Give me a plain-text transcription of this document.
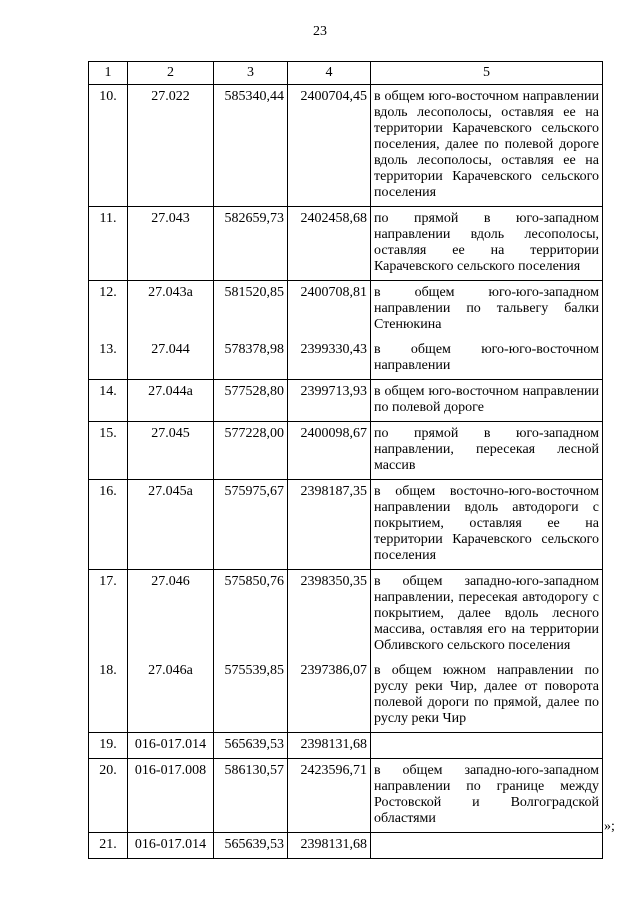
23
1	2	3	4	5
10.	27.022	585340,44	2400704,45	в общем юго-восточном направлении вдоль лесополосы, оставляя ее на территории Карачевского сельского поселения, далее по полевой дороге вдоль лесополосы, оставляя ее на территории Карачевского сельского поселения
11.	27.043	582659,73	2402458,68	по прямой в юго-западном направлении вдоль лесополосы, оставляя ее на территории Карачевского сельского поселения
12.	27.043а	581520,85	2400708,81	в общем юго-юго-западном направлении по тальвегу балки Стенюкина
13.	27.044	578378,98	2399330,43	в общем юго-юго-восточном направлении
14.	27.044а	577528,80	2399713,93	в общем юго-восточном направлении по полевой дороге
15.	27.045	577228,00	2400098,67	по прямой в юго-западном направлении, пересекая лесной массив
16.	27.045а	575975,67	2398187,35	в общем восточно-юго-восточном направлении вдоль автодороги с покрытием, оставляя ее на территории Карачевского сельского поселения
17.	27.046	575850,76	2398350,35	в общем западно-юго-западном направлении, пересекая автодорогу с покрытием, далее вдоль лесного массива, оставляя его на территории Обливского сельского поселения
18.	27.046а	575539,85	2397386,07	в общем южном направлении по руслу реки Чир, далее от поворота полевой дороги по прямой, далее по руслу реки Чир
19.	016-017.014	565639,53	2398131,68	
20.	016-017.008	586130,57	2423596,71	в общем западно-юго-западном направлении по границе между Ростовской и Волгоградской областями
21.	016-017.014	565639,53	2398131,68	
»;
